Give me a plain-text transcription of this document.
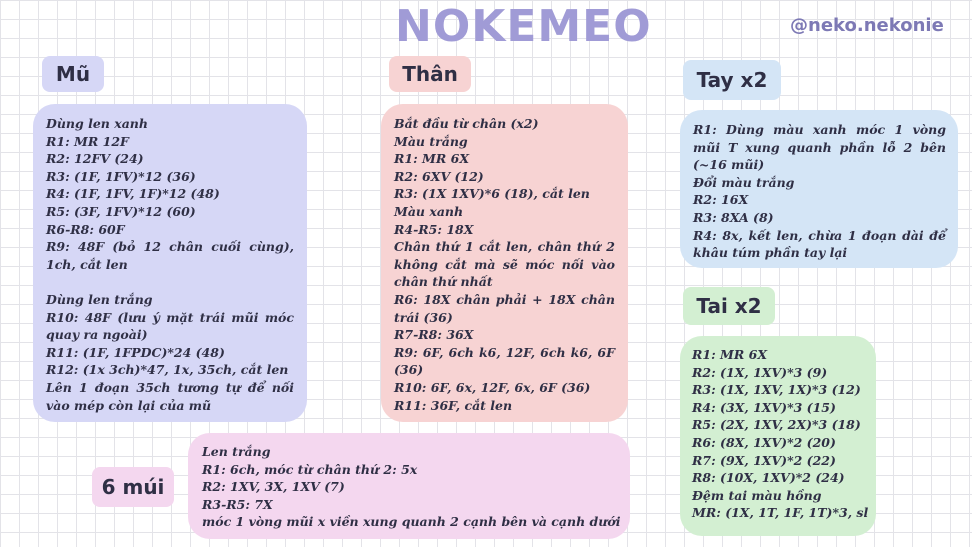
NOKEMEO	@neko.nekonie
Mũ	Thân	Tay x2
Tai x2
6 múi
Dùng len xanh
R1: MR 12F
R2: 12FV (24)
R3: (1F, 1FV)*12 (36)
R4: (1F, 1FV, 1F)*12 (48)
R5: (3F, 1FV)*12 (60)
R6-R8: 60F
R9: 48F (bỏ 12 chân cuối cùng), 1ch, cắt len
Dùng len trắng
R10: 48F (lưu ý mặt trái mũi móc quay ra ngoài)
R11: (1F, 1FPDC)*24 (48)
R12: (1x 3ch)*47, 1x, 35ch, cắt len
Lên 1 đoạn 35ch tương tự để nối vào mép còn lại của mũ
Bắt đầu từ chân (x2)
Màu trắng
R1: MR 6X
R2: 6XV (12)
R3: (1X 1XV)*6 (18), cắt len
Màu xanh
R4-R5: 18X
Chân thứ 1 cắt len, chân thứ 2 không cắt mà sẽ móc nối vào chân thứ nhất
R6: 18X chân phải + 18X chân trái (36)
R7-R8: 36X
R9: 6F, 6ch k6, 12F, 6ch k6, 6F (36)
R10: 6F, 6x, 12F, 6x, 6F (36)
R11: 36F, cắt len
R1: Dùng màu xanh móc 1 vòng mũi T xung quanh phần lỗ 2 bên (~16 mũi)
Đổi màu trắng
R2: 16X
R3: 8XA (8)
R4: 8x, kết len, chừa 1 đoạn dài để khâu túm phần tay lại
R1: MR 6X
R2: (1X, 1XV)*3 (9)
R3: (1X, 1XV, 1X)*3 (12)
R4: (3X, 1XV)*3 (15)
R5: (2X, 1XV, 2X)*3 (18)
R6: (8X, 1XV)*2 (20)
R7: (9X, 1XV)*2 (22)
R8: (10X, 1XV)*2 (24)
Đệm tai màu hồng
MR: (1X, 1T, 1F, 1T)*3, sl
Len trắng
R1: 6ch, móc từ chân thứ 2: 5x
R2: 1XV, 3X, 1XV (7)
R3-R5: 7X
móc 1 vòng mũi x viền xung quanh 2 cạnh bên và cạnh dưới
